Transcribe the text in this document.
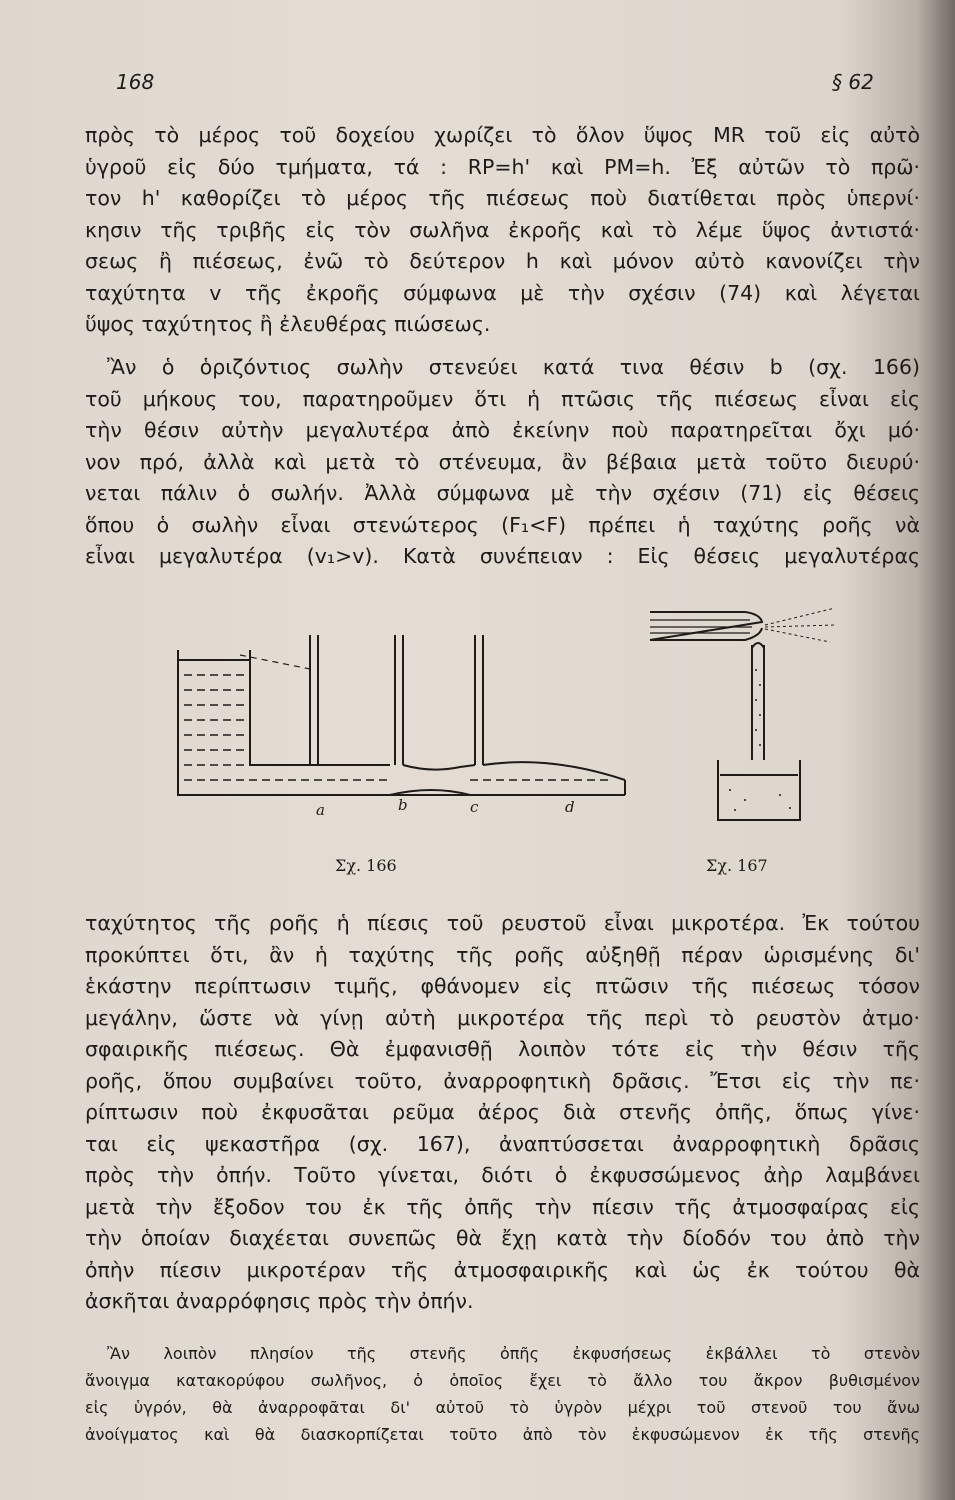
168	§ 62
πρὸς τὸ μέρος τοῦ δοχείου χωρίζει τὸ ὅλον ὕψος MR τοῦ εἰς αὐτὸ
ὑγροῦ εἰς δύο τμήματα, τά : RP=h' καὶ PM=h. Ἐξ αὐτῶν τὸ πρῶ·
τον h' καθορίζει τὸ μέρος τῆς πιέσεως ποὺ διατίθεται πρὸς ὑπερνί·
κησιν τῆς τριβῆς εἰς τὸν σωλῆνα ἐκροῆς καὶ τὸ λέμε ὕψος ἀντιστά·
σεως ἢ πιέσεως, ἐνῶ τὸ δεύτερον h καὶ μόνον αὐτὸ κανονίζει τὴν
ταχύτητα v τῆς ἐκροῆς σύμφωνα μὲ τὴν σχέσιν (74) καὶ λέγεται
ὕψος ταχύτητος ἢ ἐλευθέρας πιώσεως.
Ἂν ὁ ὁριζόντιος σωλὴν στενεύει κατά τινα θέσιν b (σχ. 166)
τοῦ μήκους του, παρατηροῦμεν ὅτι ἡ πτῶσις τῆς πιέσεως εἶναι εἰς
τὴν θέσιν αὐτὴν μεγαλυτέρα ἀπὸ ἐκείνην ποὺ παρατηρεῖται ὄχι μό·
νον πρό, ἀλλὰ καὶ μετὰ τὸ στένευμα, ἂν βέβαια μετὰ τοῦτο διευρύ·
νεται πάλιν ὁ σωλήν. Ἀλλὰ σύμφωνα μὲ τὴν σχέσιν (71) εἰς θέσεις
ὅπου ὁ σωλὴν εἶναι στενώτερος (F₁<F) πρέπει ἡ ταχύτης ροῆς νὰ
εἶναι μεγαλυτέρα (v₁>v). Κατὰ συνέπειαν : Εἰς θέσεις μεγαλυτέρας
a	b	c	d
Σχ. 166	Σχ. 167
ταχύτητος τῆς ροῆς ἡ πίεσις τοῦ ρευστοῦ εἶναι μικροτέρα. Ἐκ τούτου
προκύπτει ὅτι, ἂν ἡ ταχύτης τῆς ροῆς αὐξηθῇ πέραν ὡρισμένης δι'
ἑκάστην περίπτωσιν τιμῆς, φθάνομεν εἰς πτῶσιν τῆς πιέσεως τόσον
μεγάλην, ὥστε νὰ γίνῃ αὐτὴ μικροτέρα τῆς περὶ τὸ ρευστὸν ἀτμο·
σφαιρικῆς πιέσεως. Θὰ ἐμφανισθῇ λοιπὸν τότε εἰς τὴν θέσιν τῆς
ροῆς, ὅπου συμβαίνει τοῦτο, ἀναρροφητικὴ δρᾶσις. Ἔτσι εἰς τὴν πε·
ρίπτωσιν ποὺ ἐκφυσᾶται ρεῦμα ἀέρος διὰ στενῆς ὀπῆς, ὅπως γίνε·
ται εἰς ψεκαστῆρα (σχ. 167), ἀναπτύσσεται ἀναρροφητικὴ δρᾶσις
πρὸς τὴν ὀπήν. Τοῦτο γίνεται, διότι ὁ ἐκφυσσώμενος ἀὴρ λαμβάνει
μετὰ τὴν ἔξοδον του ἐκ τῆς ὀπῆς τὴν πίεσιν τῆς ἀτμοσφαίρας εἰς
τὴν ὁποίαν διαχέεται συνεπῶς θὰ ἔχῃ κατὰ τὴν δίοδόν του ἀπὸ τὴν
ὀπὴν πίεσιν μικροτέραν τῆς ἀτμοσφαιρικῆς καὶ ὡς ἐκ τούτου θὰ
ἀσκῆται ἀναρρόφησις πρὸς τὴν ὀπήν.
Ἂν λοιπὸν πλησίον τῆς στενῆς ὀπῆς ἐκφυσήσεως ἐκβάλλει τὸ στενὸν
ἄνοιγμα κατακορύφου σωλῆνος, ὁ ὁποῖος ἔχει τὸ ἄλλο του ἄκρον βυθισμένον
εἰς ὑγρόν, θὰ ἀναρροφᾶται δι' αὐτοῦ τὸ ὑγρὸν μέχρι τοῦ στενοῦ του ἄνω
ἀνοίγματος καὶ θὰ διασκορπίζεται τοῦτο ἀπὸ τὸν ἐκφυσώμενον ἐκ τῆς στενῆς
